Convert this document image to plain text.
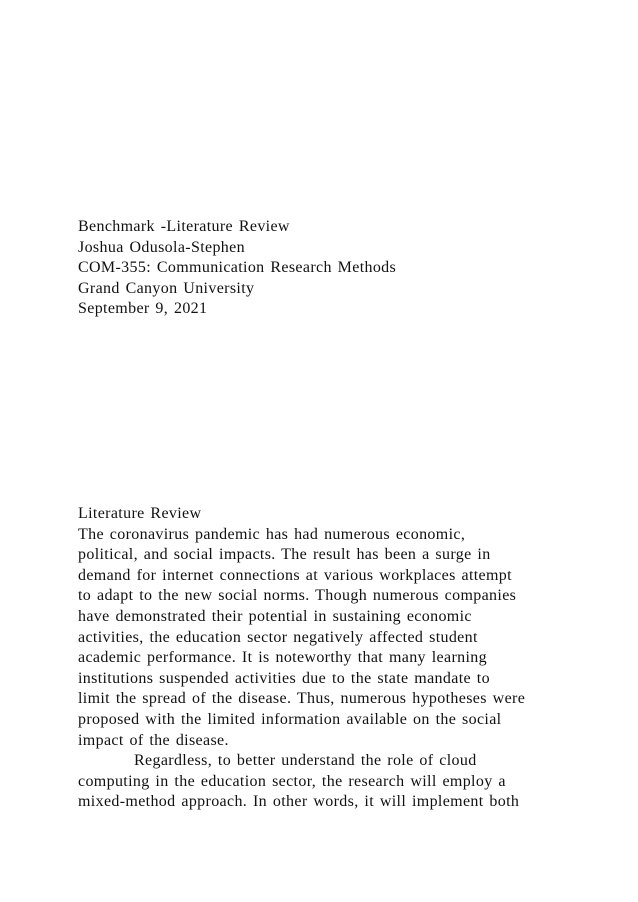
Benchmark -Literature Review
Joshua Odusola-Stephen
COM-355: Communication Research Methods
Grand Canyon University
September 9, 2021
Literature Review
The coronavirus pandemic has had numerous economic,
political, and social impacts. The result has been a surge in
demand for internet connections at various workplaces attempt
to adapt to the new social norms. Though numerous companies
have demonstrated their potential in sustaining economic
activities, the education sector negatively affected student
academic performance. It is noteworthy that many learning
institutions suspended activities due to the state mandate to
limit the spread of the disease. Thus, numerous hypotheses were
proposed with the limited information available on the social
impact of the disease.
Regardless, to better understand the role of cloud
computing in the education sector, the research will employ a
mixed-method approach. In other words, it will implement both
